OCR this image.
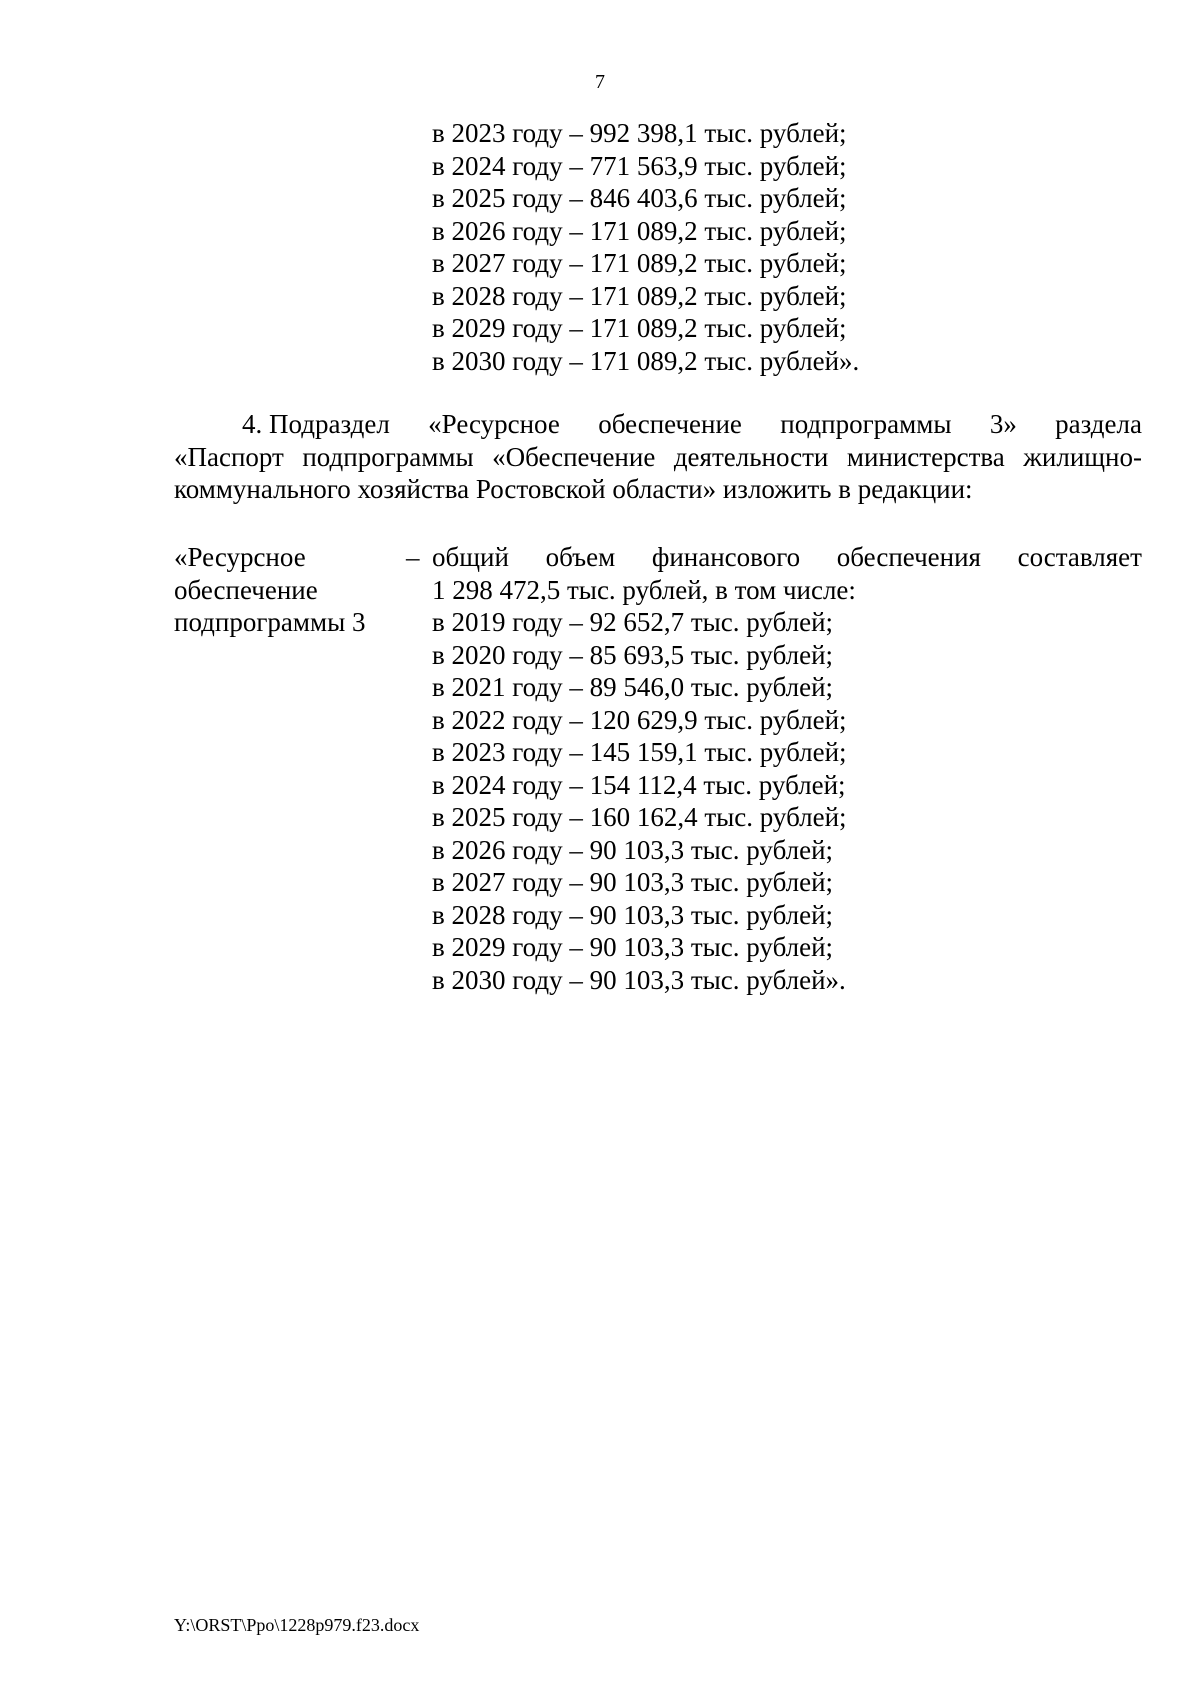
7
в 2023 году – 992 398,1 тыс. рублей;
в 2024 году – 771 563,9 тыс. рублей;
в 2025 году – 846 403,6 тыс. рублей;
в 2026 году – 171 089,2 тыс. рублей;
в 2027 году – 171 089,2 тыс. рублей;
в 2028 году – 171 089,2 тыс. рублей;
в 2029 году – 171 089,2 тыс. рублей;
в 2030 году – 171 089,2 тыс. рублей».
4. Подраздел «Ресурсное обеспечение подпрограммы 3» раздела
«Паспорт подпрограммы «Обеспечение деятельности министерства жилищно-коммунального хозяйства Ростовской области» изложить в редакции:
«Ресурсное
обеспечение
подпрограммы 3
– общий объем финансового обеспечения составляет
1 298 472,5 тыс. рублей, в том числе:
в 2019 году – 92 652,7 тыс. рублей;
в 2020 году – 85 693,5 тыс. рублей;
в 2021 году – 89 546,0 тыс. рублей;
в 2022 году – 120 629,9 тыс. рублей;
в 2023 году – 145 159,1 тыс. рублей;
в 2024 году – 154 112,4 тыс. рублей;
в 2025 году – 160 162,4 тыс. рублей;
в 2026 году – 90 103,3 тыс. рублей;
в 2027 году – 90 103,3 тыс. рублей;
в 2028 году – 90 103,3 тыс. рублей;
в 2029 году – 90 103,3 тыс. рублей;
в 2030 году – 90 103,3 тыс. рублей».
Y:\ORST\Ppo\1228p979.f23.docx
